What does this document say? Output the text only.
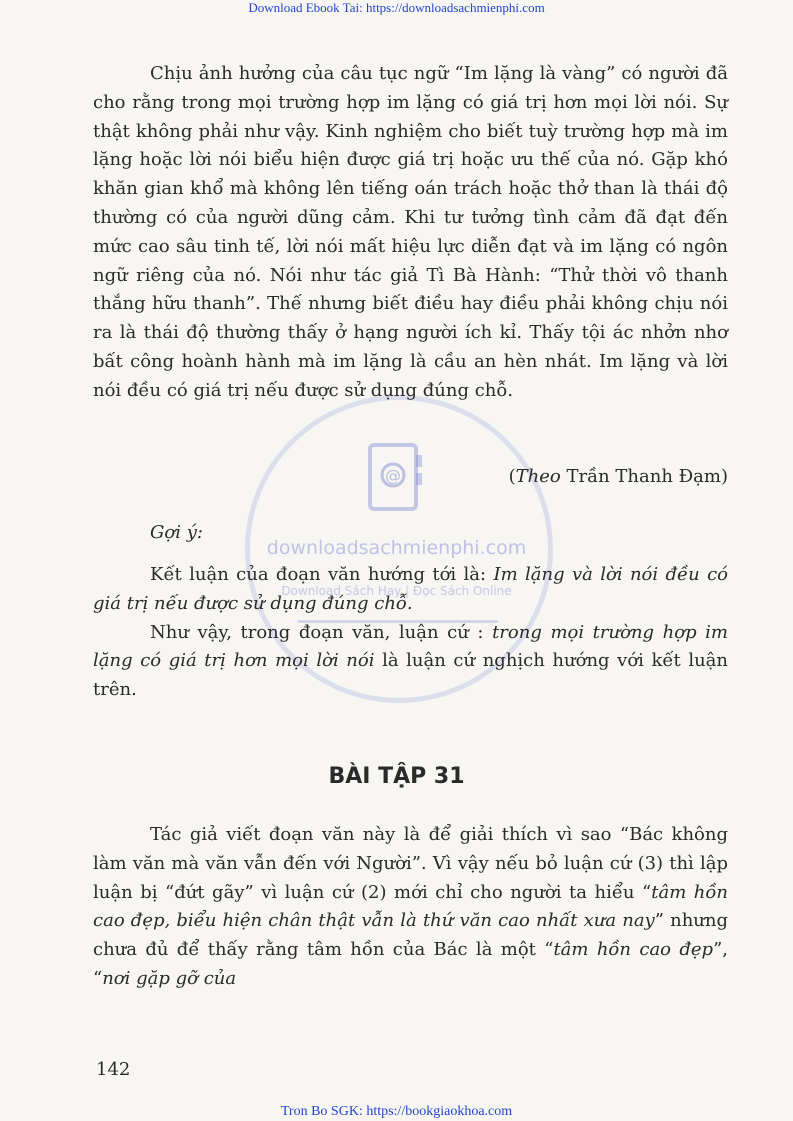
Download Ebook Tai: https://downloadsachmienphi.com
@
downloadsachmienphi.com
Download Sách Hay | Đọc Sách Online

Chịu ảnh hưởng của câu tục ngữ “Im lặng là vàng” có người đã cho rằng trong mọi trường hợp im lặng có giá trị hơn mọi lời nói. Sự thật không phải như vậy. Kinh nghiệm cho biết tuỳ trường hợp mà im lặng hoặc lời nói biểu hiện được giá trị hoặc ưu thế của nó. Gặp khó khăn gian khổ mà không lên tiếng oán trách hoặc thở than là thái độ thường có của người dũng cảm. Khi tư tưởng tình cảm đã đạt đến mức cao sâu tinh tế, lời nói mất hiệu lực diễn đạt và im lặng có ngôn ngữ riêng của nó. Nói như tác giả Tì Bà Hành: “Thử thời vô thanh thắng hữu thanh”. Thế nhưng biết điều hay điều phải không chịu nói ra là thái độ thường thấy ở hạng người ích kỉ. Thấy tội ác nhởn nhơ bất công hoành hành mà im lặng là cầu an hèn nhát. Im lặng và lời nói đều có giá trị nếu được sử dụng đúng chỗ.

(Theo Trần Thanh Đạm)
Gợi ý:

Kết luận của đoạn văn hướng tới là: Im lặng và lời nói đều có giá trị nếu được sử dụng đúng chỗ.

Như vậy, trong đoạn văn, luận cứ : trong mọi trường hợp im lặng có giá trị hơn mọi lời nói là luận cứ nghịch hướng với kết luận trên.

BÀI TẬP 31

Tác giả viết đoạn văn này là để giải thích vì sao “Bác không làm văn mà văn vẫn đến với Người”. Vì vậy nếu bỏ luận cứ (3) thì lập luận bị “đứt gãy” vì luận cứ (2) mới chỉ cho người ta hiểu “tâm hồn cao đẹp, biểu hiện chân thật vẫn là thứ văn cao nhất xưa nay” nhưng chưa đủ để thấy rằng tâm hồn của Bác là một “tâm hồn cao đẹp”, “nơi gặp gỡ của

142
Tron Bo SGK: https://bookgiaokhoa.com
